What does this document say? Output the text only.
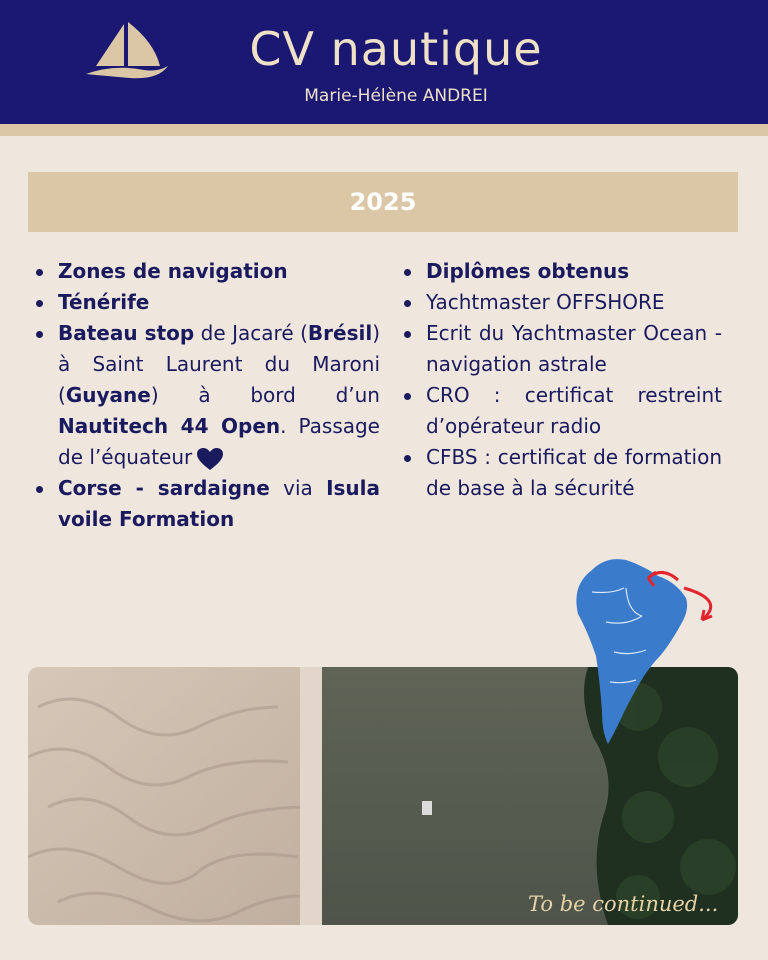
CV nautique
Marie-Hélène ANDREI
2025
Zones de navigation
Ténérife
Bateau stop de Jacaré (Brésil) à Saint Laurent du Maroni (Guyane) à bord d’un Nautitech 44 Open. Passage de l’équateur
Corse - sardaigne via Isula voile Formation
Diplômes obtenus
Yachtmaster OFFSHORE
Ecrit du Yachtmaster Ocean - navigation astrale
CRO : certificat restreint d’opérateur radio
CFBS : certificat de formation de base à la sécurité
To be continued...
